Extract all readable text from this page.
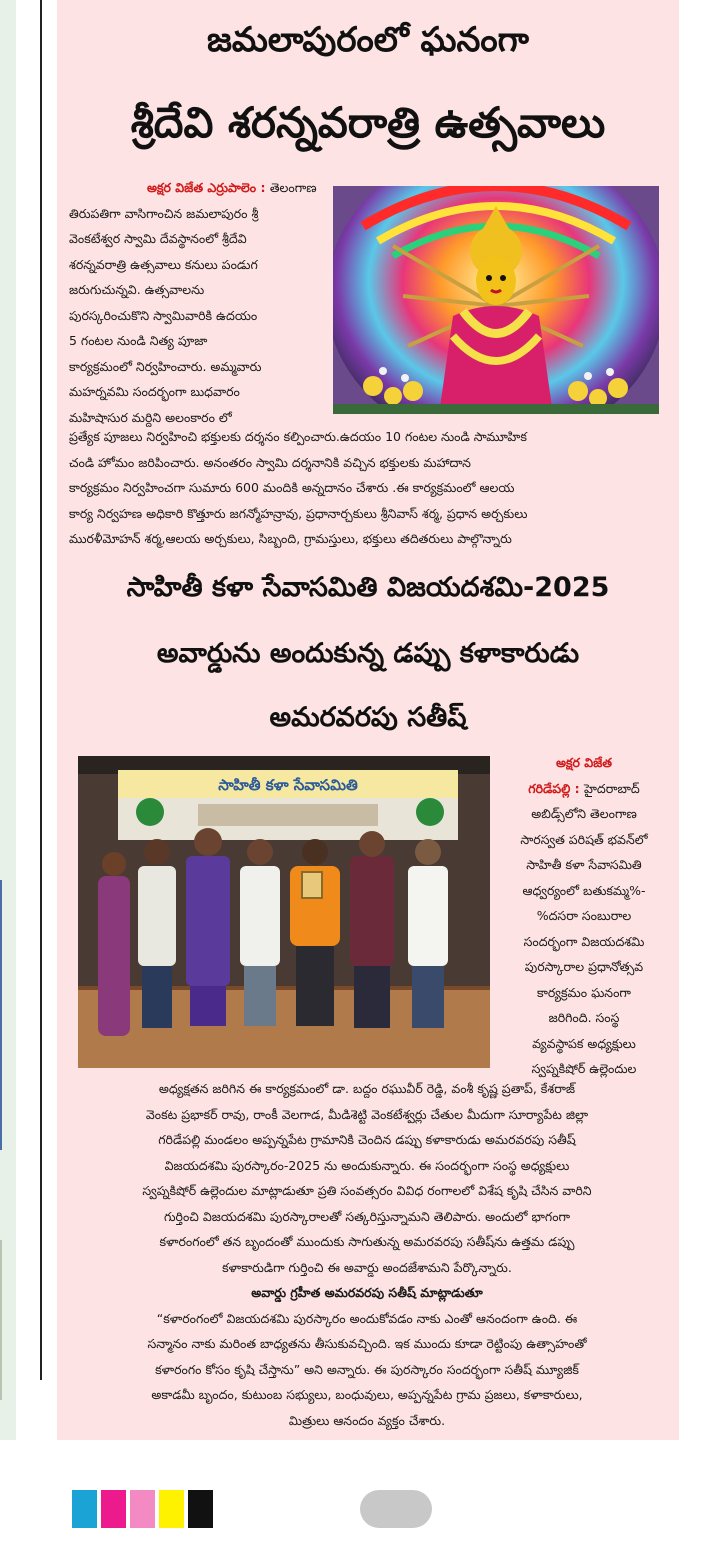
జమలాపురంలో ఘనంగా
శ్రీదేవి శరన్నవరాత్రి ఉత్సవాలు

అక్షర విజేత ఎర్రుపాలెం : తెలంగాణ
తిరుపతిగా వాసిగాంచిన జమలాపురం శ్రీ
వెంకటేశ్వర స్వామి దేవస్థానంలో శ్రీదేవి
శరన్నవరాత్రి ఉత్సవాలు కనులు పండుగ
జరుగుచున్నవి. ఉత్సవాలను
పురస్కరించుకొని స్వామివారికి ఉదయం
5 గంటల నుండి నిత్య పూజా
కార్యక్రమంలో నిర్వహించారు. అమ్మవారు
మహర్నవమి సందర్భంగా బుధవారం
మహిషాసుర మర్దిని అలంకారం లో

ప్రత్యేక పూజలు నిర్వహించి భక్తులకు దర్శనం కల్పించారు.ఉదయం 10 గంటల నుండి సామూహిక
చండి హోమం జరిపించారు. అనంతరం స్వామి దర్శనానికి వచ్చిన భక్తులకు మహాదాన
కార్యక్రమం నిర్వహించగా సుమారు 600 మందికి అన్నదానం చేశారు .ఈ కార్యక్రమంలో ఆలయ
కార్య నిర్వహణ అధికారి కొత్తూరు జగన్మోహన్రావు, ప్రధానార్చకులు శ్రీనివాస్ శర్మ, ప్రధాన అర్చకులు
మురళీమోహన్ శర్మ,ఆలయ అర్చకులు, సిబ్బంది, గ్రామస్తులు, భక్తులు తదితరులు పాల్గొన్నారు

సాహితీ కళా సేవాసమితి విజయదశమి-2025
అవార్డును అందుకున్న డప్పు కళాకారుడు
అమరవరపు సతీష్
సాహితీ కళా సేవాసమితి

అక్షర విజేత
గరిడేపల్లి : హైదరాబాద్
అబిడ్స్‌లోని తెలంగాణ
సారస్వత పరిషత్ భవన్‌లో
సాహితీ కళా సేవాసమితి
ఆధ్వర్యంలో బతుకమ్మ%-
%దసరా సంబురాల
సందర్భంగా విజయదశమి
పురస్కారాల ప్రధానోత్సవ
కార్యక్రమం ఘనంగా
జరిగింది. సంస్థ
వ్యవస్థాపక అధ్యక్షులు
స్వప్నకిషోర్ ఉల్లెందుల

అధ్యక్షతన జరిగిన ఈ కార్యక్రమంలో డా. బద్దం రఘువీర్ రెడ్డి, వంశీ కృష్ణ ప్రతాప్, కేశరాజ్
వెంకట ప్రభాకర్ రావు, రాంకీ వెలగాడ, మీడిశెట్టి వెంకటేశ్వర్లు చేతుల మీదుగా సూర్యాపేట జిల్లా
గరిడేపల్లి మండలం అప్పన్నపేట గ్రామానికి చెందిన డప్పు కళాకారుడు అమరవరపు సతీష్
విజయదశమి పురస్కారం-2025 ను అందుకున్నారు. ఈ సందర్భంగా సంస్థ అధ్యక్షులు
స్వప్నకిషోర్ ఉల్లెందుల మాట్లాడుతూ ప్రతి సంవత్సరం వివిధ రంగాలలో విశేష కృషి చేసిన వారిని
గుర్తించి విజయదశమి పురస్కారాలతో సత్కరిస్తున్నామని తెలిపారు. అందులో భాగంగా
కళారంగంలో తన బృందంతో ముందుకు సాగుతున్న అమరవరపు సతీష్‌ను ఉత్తమ డప్పు
కళాకారుడిగా గుర్తించి ఈ అవార్డు అందజేశామని పేర్కొన్నారు.
అవార్డు గ్రహీత అమరవరపు సతీష్ మాట్లాడుతూ
“కళారంగంలో విజయదశమి పురస్కారం అందుకోవడం నాకు ఎంతో ఆనందంగా ఉంది. ఈ
సన్మానం నాకు మరింత బాధ్యతను తీసుకువచ్చింది. ఇక ముందు కూడా రెట్టింపు ఉత్సాహంతో
కళారంగం కోసం కృషి చేస్తాను” అని అన్నారు. ఈ పురస్కారం సందర్భంగా సతీష్ మ్యూజిక్
అకాడమీ బృందం, కుటుంబ సభ్యులు, బంధువులు, అప్పన్నపేట గ్రామ ప్రజలు, కళాకారులు,
మిత్రులు ఆనందం వ్యక్తం చేశారు.
